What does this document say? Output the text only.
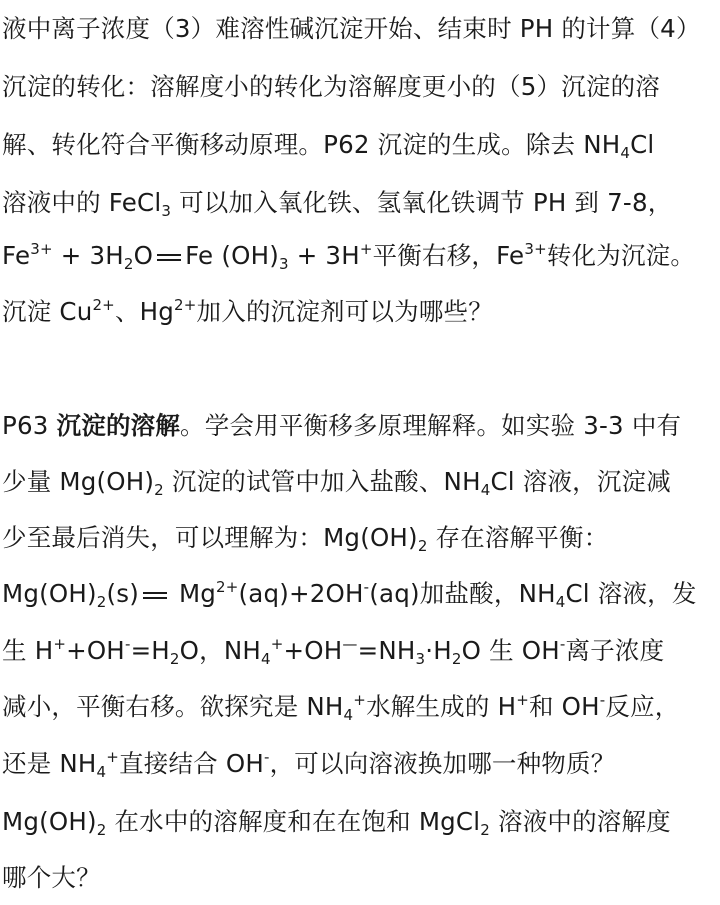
液中离子浓度（3）难溶性碱沉淀开始、结束时 PH 的计算（4）
沉淀的转化：溶解度小的转化为溶解度更小的（5）沉淀的溶
解、转化符合平衡移动原理。P62 沉淀的生成。除去 $NH_4Cl$
溶液中的 FeCl$_3$ 可以加入氧化铁、氢氧化铁调节 PH 到 7-8，
$Fe^{3+} + 3H_2O$ Fe $(OH)_3 + 3H^+$平衡右移，$Fe^{3+}$转化为沉淀。
沉淀 $Cu^{2+}$、$Hg^{2+}$加入的沉淀剂可以为哪些？
P63 沉淀的溶解。学会用平衡移多原理解释。如实验 3-3 中有
少量 $Mg(OH)_2$ 沉淀的试管中加入盐酸、$NH_4Cl$ 溶液，沉淀减
少至最后消失，可以理解为：$Mg(OH)_2$ 存在溶解平衡：
$Mg(OH)_2(s)$ $Mg^{2+}(aq)+2OH^-(aq)$加盐酸，$NH_4Cl$ 溶液，发
生 $H^++OH^-=H_2O$，$NH_4^++OH^—=NH_3\cdot H_2O$ 生 OH-离子浓度
减小，平衡右移。欲探究是 $NH_4^+$水解生成的 H+和 OH-反应，
还是 $NH_4^+$直接结合 OH-，可以向溶液换加哪一种物质？
$Mg(OH)_2$ 在水中的溶解度和在在饱和 MgCl$_2$ 溶液中的溶解度
哪个大？
